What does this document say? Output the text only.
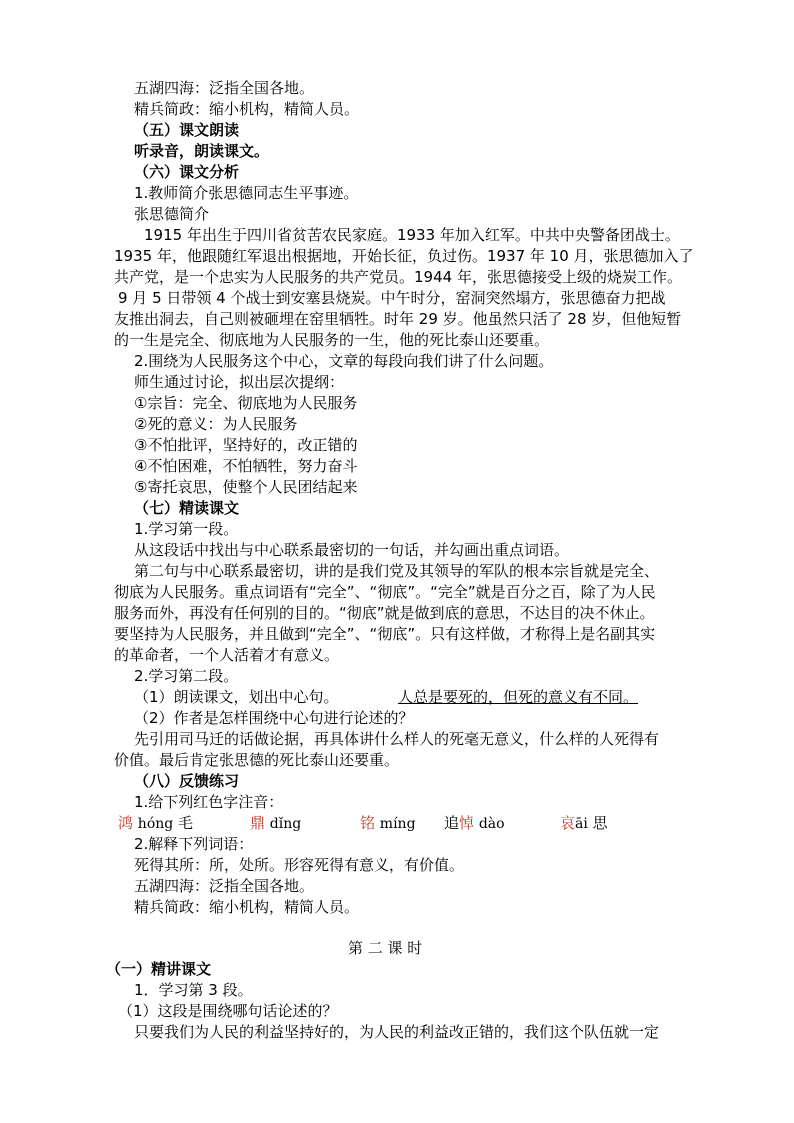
五湖四海：泛指全国各地。
精兵简政：缩小机构，精简人员。
（五）课文朗读
听录音，朗读课文。
（六）课文分析
1.教师简介张思德同志生平事迹。
张思德简介
1915 年出生于四川省贫苦农民家庭。1933 年加入红军。中共中央警备团战士。
1935 年，他跟随红军退出根据地，开始长征，负过伤。1937 年 10 月，张思德加入了
共产党，是一个忠实为人民服务的共产党员。1944 年，张思德接受上级的烧炭工作。
9 月 5 日带领 4 个战士到安塞县烧炭。中午时分，窑洞突然塌方，张思德奋力把战
友推出洞去，自己则被砸埋在窑里牺牲。时年 29 岁。他虽然只活了 28 岁，但他短暂
的一生是完全、彻底地为人民服务的一生，他的死比泰山还要重。
2.围绕为人民服务这个中心，文章的每段向我们讲了什么问题。
师生通过讨论，拟出层次提纲：
①宗旨：完全、彻底地为人民服务
②死的意义：为人民服务
③不怕批评，坚持好的，改正错的
④不怕困难，不怕牺牲，努力奋斗
⑤寄托哀思，使整个人民团结起来
（七）精读课文
1.学习第一段。
从这段话中找出与中心联系最密切的一句话，并勾画出重点词语。
第二句与中心联系最密切，讲的是我们党及其领导的军队的根本宗旨就是完全、
彻底为人民服务。重点词语有“完全”、“彻底”。“完全”就是百分之百，除了为人民
服务而外，再没有任何别的目的。“彻底”就是做到底的意思，不达目的决不休止。
要坚持为人民服务，并且做到“完全”、“彻底”。只有这样做，才称得上是名副其实
的革命者，一个人活着才有意义。
2.学习第二段。
（1）朗读课文，划出中心句。	人总是要死的，但死的意义有不同。
（2）作者是怎样围绕中心句进行论述的？
先引用司马迁的话做论据，再具体讲什么样人的死毫无意义，什么样的人死得有
价值。最后肯定张思德的死比泰山还要重。
（八）反馈练习
1.给下列红色字注音：
鸿 hóng 毛	鼎 dǐng	铭 míng 追悼 dào	哀āi 思
2.解释下列词语：
死得其所：所，处所。形容死得有意义，有价值。
五湖四海：泛指全国各地。
精兵简政：缩小机构，精简人员。
第 二 课 时
（一）精讲课文
1．学习第 3 段。
（1）这段是围绕哪句话论述的？
只要我们为人民的利益坚持好的，为人民的利益改正错的，我们这个队伍就一定
